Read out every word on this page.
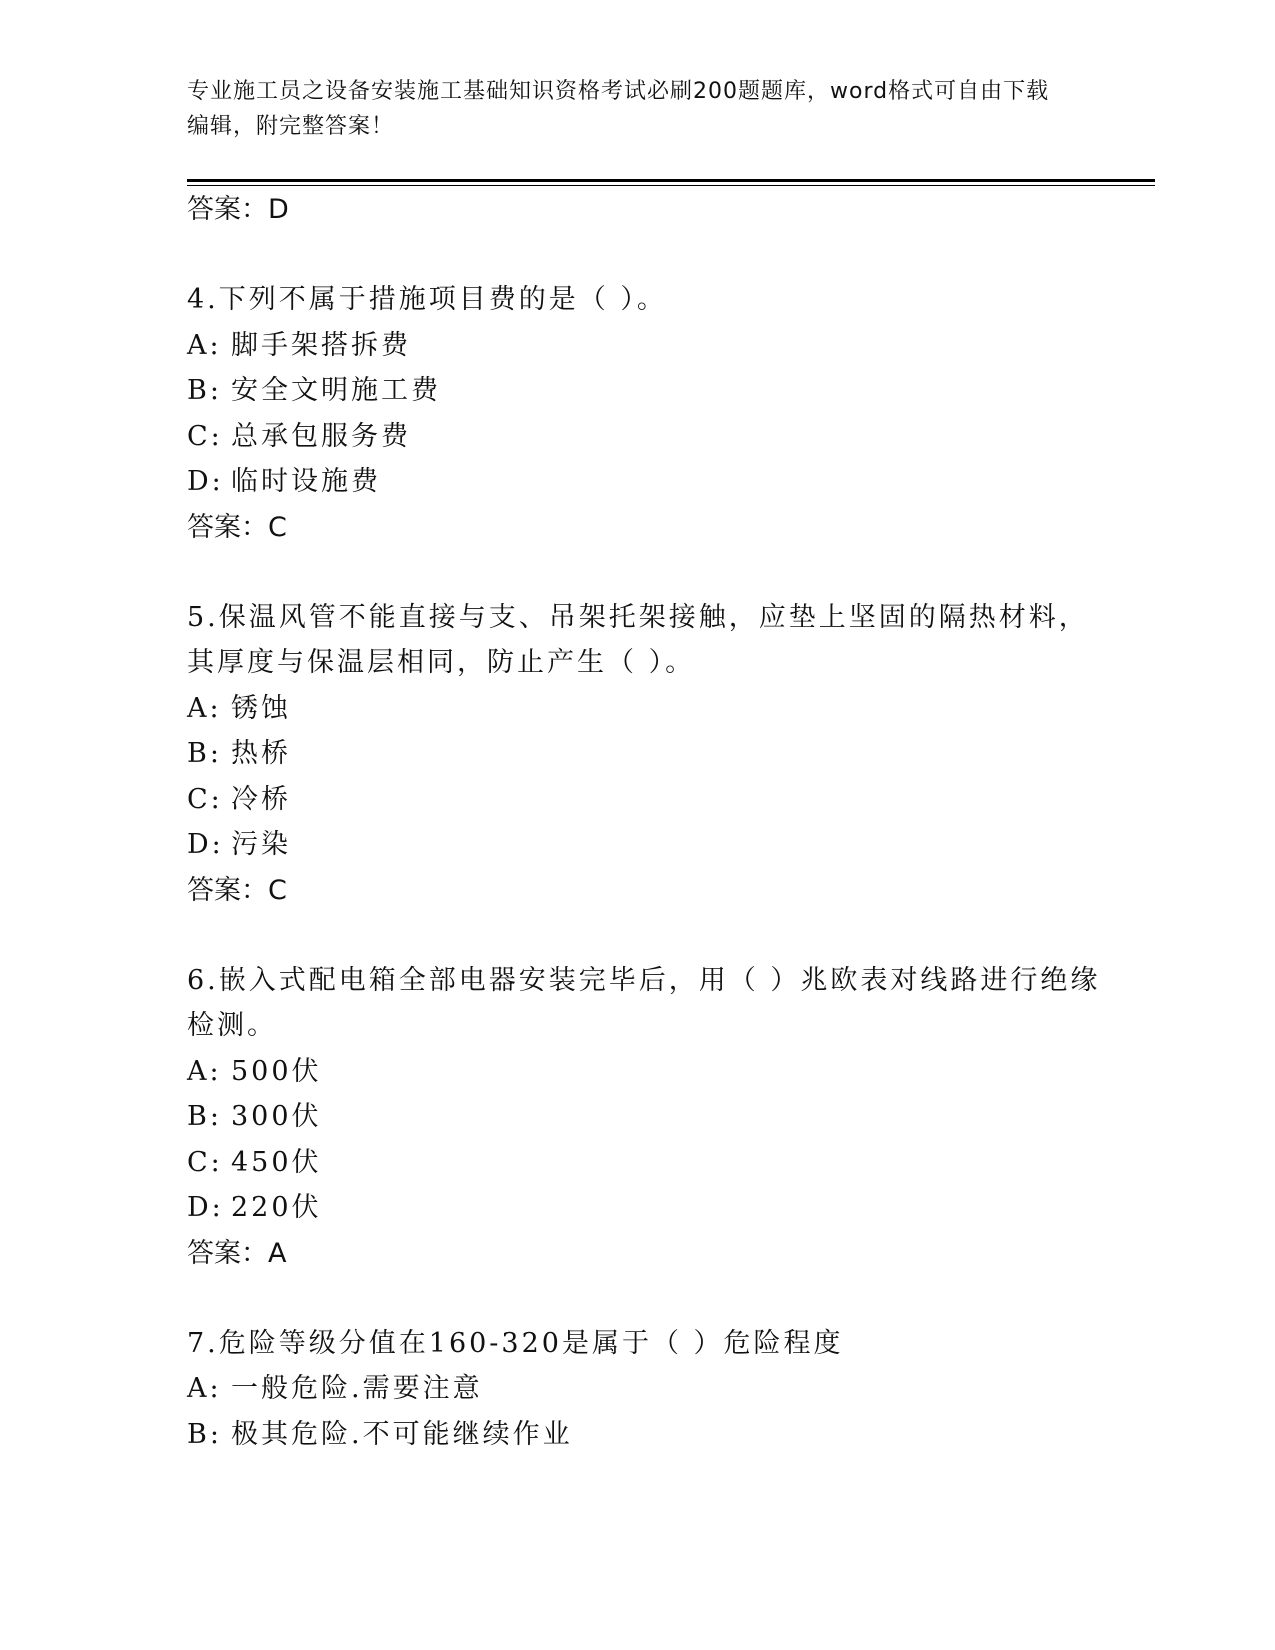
专业施工员之设备安装施工基础知识资格考试必刷200题题库，word格式可自由下载编辑，附完整答案！
答案：D
4.下列不属于措施项目费的是（ ）。
A: 脚手架搭拆费
B: 安全文明施工费
C: 总承包服务费
D: 临时设施费
答案：C
5.保温风管不能直接与支、吊架托架接触，应垫上坚固的隔热材料，其厚度与保温层相同，防止产生（ ）。
A: 锈蚀
B: 热桥
C: 冷桥
D: 污染
答案：C
6.嵌入式配电箱全部电器安装完毕后，用（ ）兆欧表对线路进行绝缘检测。
A: 500伏
B: 300伏
C: 450伏
D: 220伏
答案：A
7.危险等级分值在160-320是属于（ ）危险程度
A: 一般危险.需要注意
B: 极其危险.不可能继续作业
